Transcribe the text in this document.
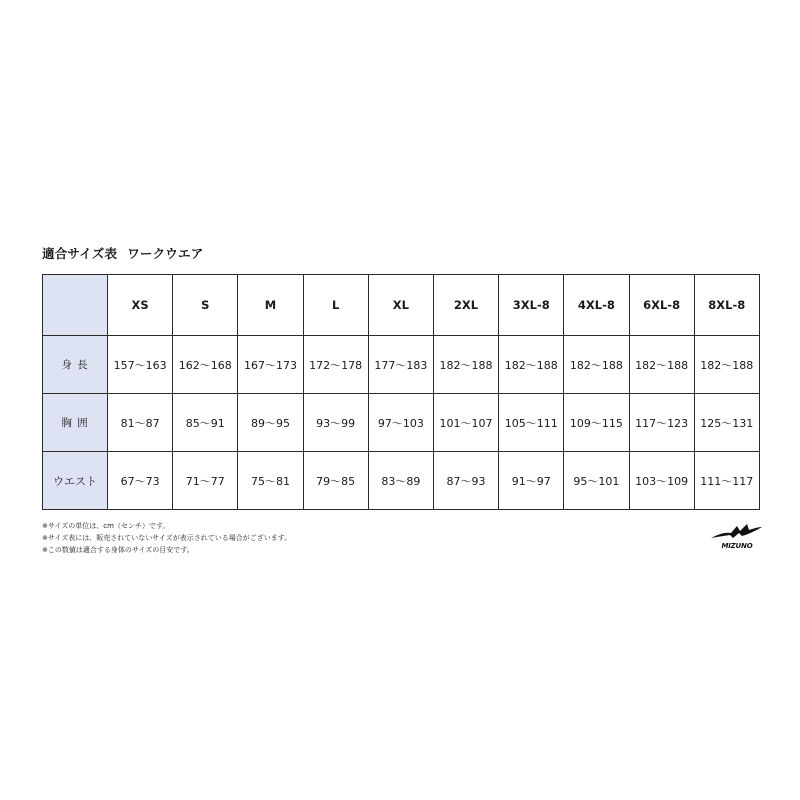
適合サイズ表 ワークウエア
	XS	S	M	L	XL	2XL	3XL-8	4XL-8	6XL-8	8XL-8
身 長	157～163	162～168	167～173	172～178	177～183	182～188	182～188	182～188	182～188	182～188
胸 囲	81～87	85～91	89～95	93～99	97～103	101～107	105～111	109～115	117～123	125～131
ウエスト	67～73	71～77	75～81	79～85	83～89	87～93	91～97	95～101	103～109	111～117
※サイズの単位は、cm（センチ）です。
※サイズ表には、販売されていないサイズが表示されている場合がございます。
※この数値は適合する身体のサイズの目安です。	MIZUNO
